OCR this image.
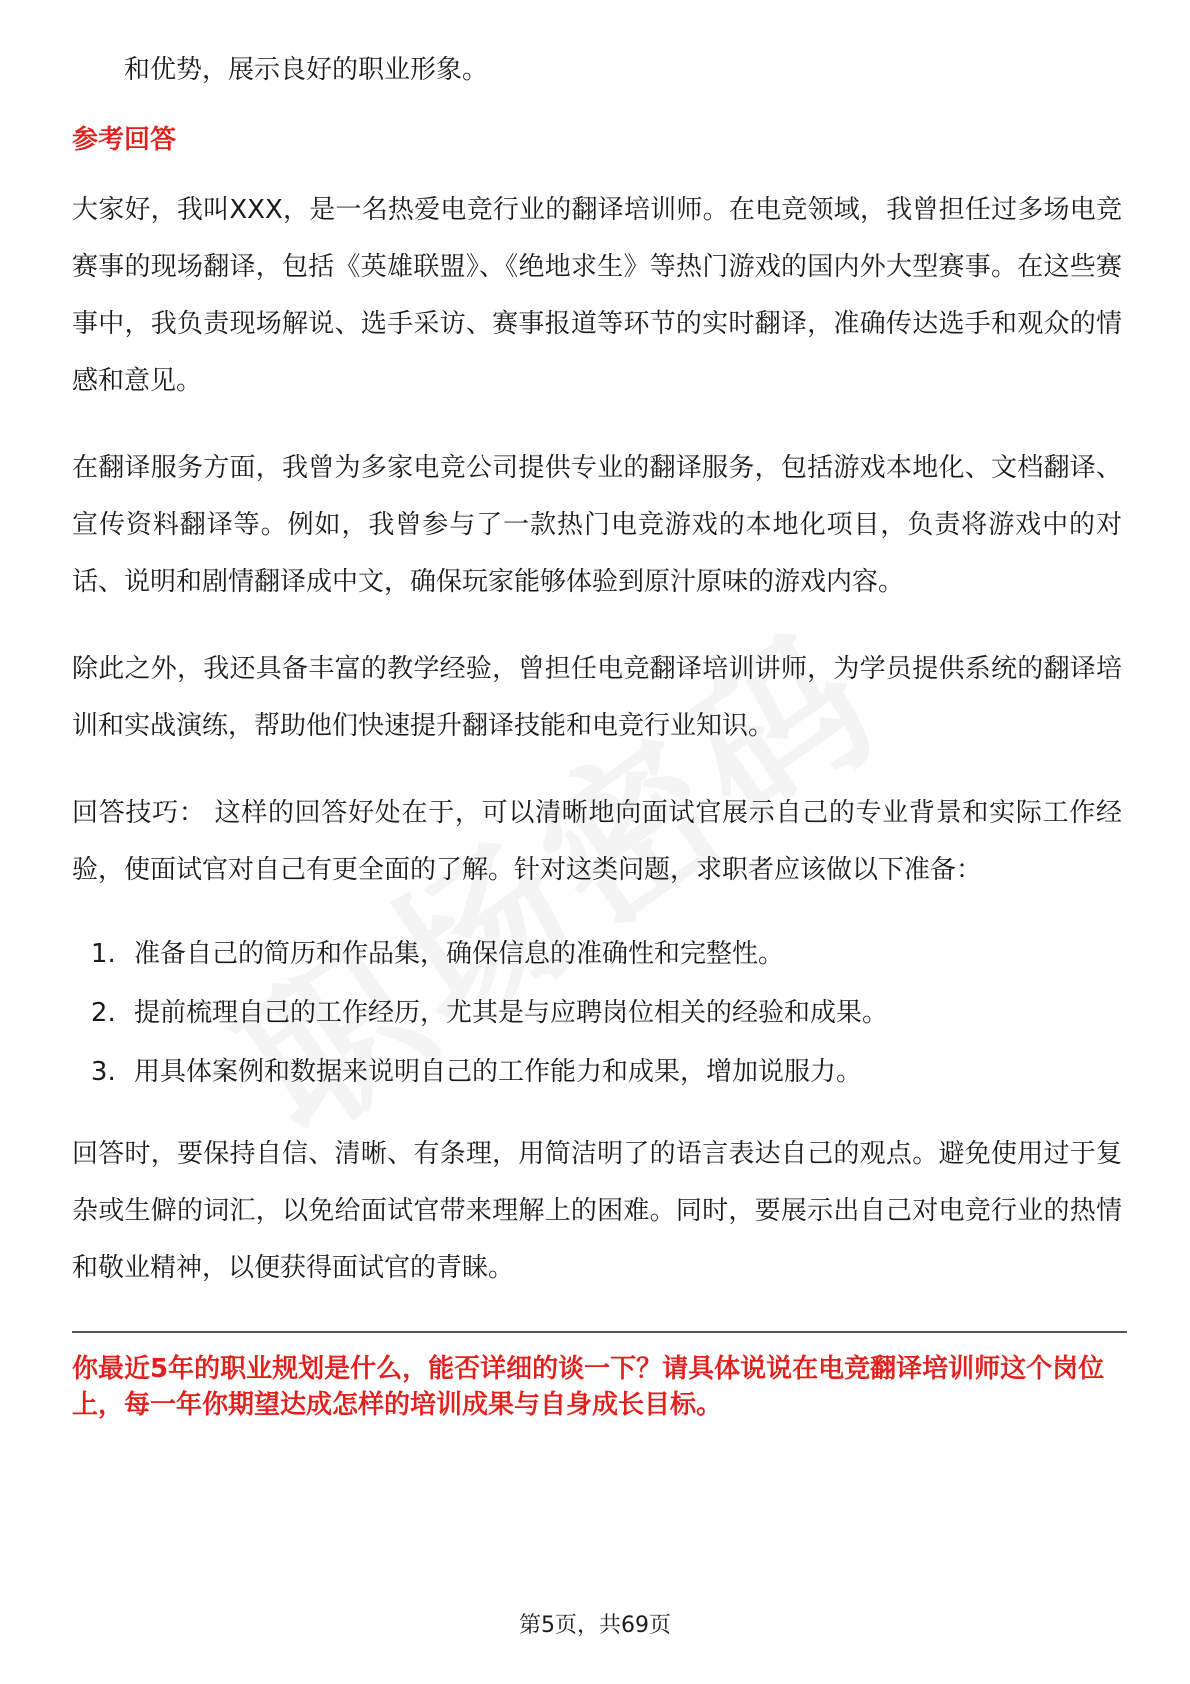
和优势，展示良好的职业形象。

参考回答

大家好，我叫XXX，是一名热爱电竞行业的翻译培训师。在电竞领域，我曾担任过多场电竞赛事的现场翻译，包括《英雄联盟》、《绝地求生》等热门游戏的国内外大型赛事。在这些赛事中，我负责现场解说、选手采访、赛事报道等环节的实时翻译，准确传达选手和观众的情感和意见。

在翻译服务方面，我曾为多家电竞公司提供专业的翻译服务，包括游戏本地化、文档翻译、宣传资料翻译等。例如，我曾参与了一款热门电竞游戏的本地化项目，负责将游戏中的对话、说明和剧情翻译成中文，确保玩家能够体验到原汁原味的游戏内容。

除此之外，我还具备丰富的教学经验，曾担任电竞翻译培训讲师，为学员提供系统的翻译培训和实战演练，帮助他们快速提升翻译技能和电竞行业知识。

回答技巧： 这样的回答好处在于，可以清晰地向面试官展示自己的专业背景和实际工作经验，使面试官对自己有更全面的了解。针对这类问题，求职者应该做以下准备：

1. 准备自己的简历和作品集，确保信息的准确性和完整性。
2. 提前梳理自己的工作经历，尤其是与应聘岗位相关的经验和成果。
3. 用具体案例和数据来说明自己的工作能力和成果，增加说服力。

回答时，要保持自信、清晰、有条理，用简洁明了的语言表达自己的观点。避免使用过于复杂或生僻的词汇，以免给面试官带来理解上的困难。同时，要展示出自己对电竞行业的热情和敬业精神，以便获得面试官的青睐。

你最近5年的职业规划是什么，能否详细的谈一下？请具体说说在电竞翻译培训师这个岗位上，每一年你期望达成怎样的培训成果与自身成长目标。

第5页，共69页
